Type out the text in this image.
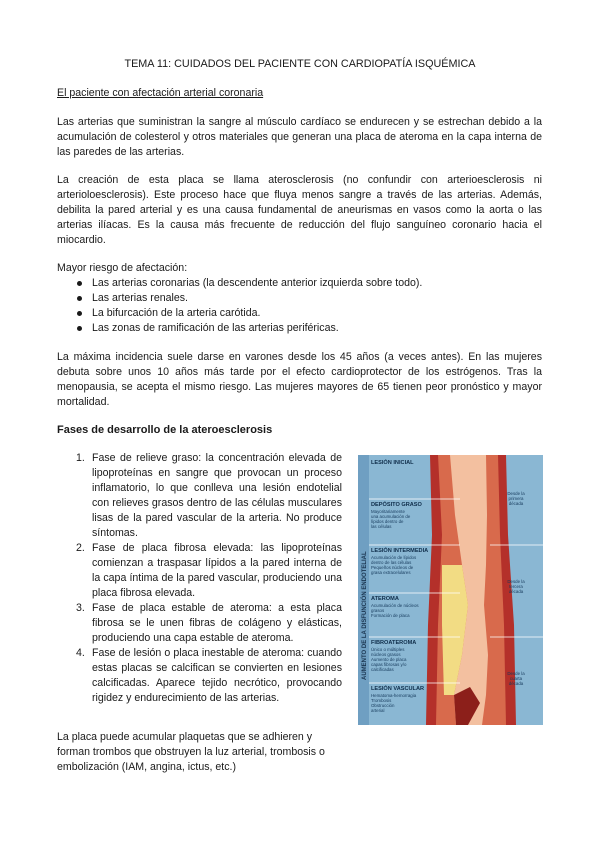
TEMA 11: CUIDADOS DEL PACIENTE CON CARDIOPATÍA ISQUÉMICA
El paciente con afectación arterial coronaria
Las arterias que suministran la sangre al músculo cardíaco se endurecen y se estrechan debido a la acumulación de colesterol y otros materiales que generan una placa de ateroma en la capa interna de las paredes de las arterias.
La creación de esta placa se llama aterosclerosis (no confundir con arterioesclerosis ni arterioloesclerosis). Este proceso hace que fluya menos sangre a través de las arterias. Además, debilita la pared arterial y es una causa fundamental de aneurismas en vasos como la aorta o las arterias ilíacas. Es la causa más frecuente de reducción del flujo sanguíneo coronario hacia el miocardio.
Mayor riesgo de afectación:
Las arterias coronarias (la descendente anterior izquierda sobre todo).
Las arterias renales.
La bifurcación de la arteria carótida.
Las zonas de ramificación de las arterias periféricas.
La máxima incidencia suele darse en varones desde los 45 años (a veces antes). En las mujeres debuta sobre unos 10 años más tarde por el efecto cardioprotector de los estrógenos. Tras la menopausia, se acepta el mismo riesgo. Las mujeres mayores de 65 tienen peor pronóstico y mayor mortalidad.
Fases de desarrollo de la ateroesclerosis
1. Fase de relieve graso: la concentración elevada de lipoproteínas en sangre que provocan un proceso inflamatorio, lo que conlleva una lesión endotelial con relieves grasos dentro de las células musculares lisas de la pared vascular de la arteria. No produce síntomas.
2. Fase de placa fibrosa elevada: las lipoproteínas comienzan a traspasar lípidos a la pared interna de la capa íntima de la pared vascular, produciendo una placa fibrosa elevada.
3. Fase de placa estable de ateroma: a esta placa fibrosa se le unen fibras de colágeno y elásticas, produciendo una capa estable de ateroma.
4. Fase de lesión o placa inestable de ateroma: cuando estas placas se calcifican se convierten en lesiones calcificadas. Aparece tejido necrótico, provocando rigidez y endurecimiento de las arterias.
La placa puede acumular plaquetas que se adhieren y forman trombos que obstruyen la luz arterial, trombosis o embolización (IAM, angina, ictus, etc.)
AUMENTO DE LA DISFUNCIÓN ENDOTELIAL
LESIÓN INICIAL
DEPÓSITO GRASO
LESIÓN INTERMEDIA
ATEROMA
FIBROATEROMA
LESIÓN VASCULAR
Mayoritariamente
una acumulación de
lípidos dentro de
las células
Acumulación de lípidos
dentro de las células
Pequeños núcleos de
grasa extracelulares
Acumulación de núcleos
grasos
Formación de placa
Único o múltiples
núcleos grasos
Aumento de placa
capas fibrosas y/o
calcificadas
Hematoma-hemorragia
Trombosis
Obstrucción
arterial
Desde la
primera
década
Desde la
tercera
década
Desde la
cuarta
década
